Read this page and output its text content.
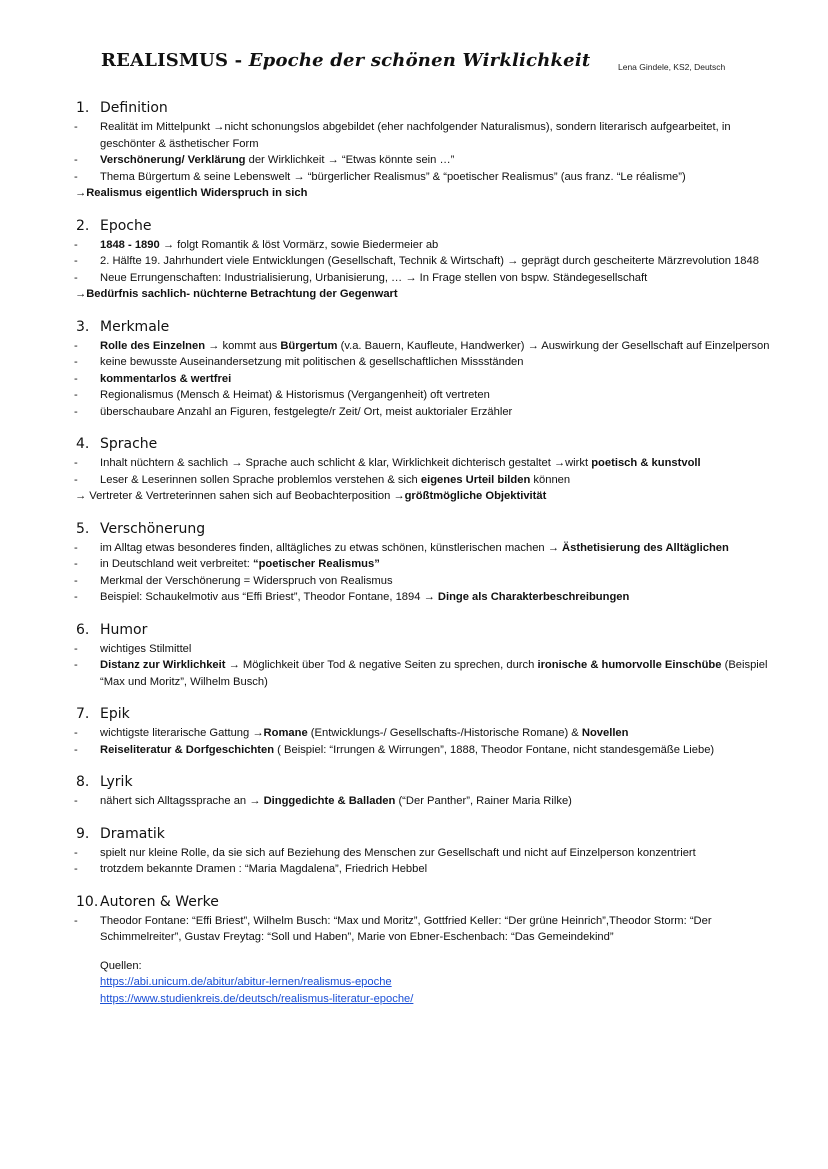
REALISMUS - Epoche der schönen Wirklichkeit	Lena Gindele, KS2, Deutsch
1. Definition
- Realität im Mittelpunkt →nicht schonungslos abgebildet (eher nachfolgender Naturalismus), sondern literarisch aufgearbeitet, in geschönter & ästhetischer Form
- Verschönerung/ Verklärung der Wirklichkeit → “Etwas könnte sein …”
- Thema Bürgertum & seine Lebenswelt → “bürgerlicher Realismus” & “poetischer Realismus” (aus franz. “Le réalisme”)
→Realismus eigentlich Widerspruch in sich
2. Epoche
- 1848 - 1890 → folgt Romantik & löst Vormärz, sowie Biedermeier ab
- 2. Hälfte 19. Jahrhundert viele Entwicklungen (Gesellschaft, Technik & Wirtschaft) → geprägt durch gescheiterte Märzrevolution 1848
- Neue Errungenschaften: Industrialisierung, Urbanisierung, … → In Frage stellen von bspw. Ständegesellschaft
→Bedürfnis sachlich- nüchterne Betrachtung der Gegenwart
3. Merkmale
- Rolle des Einzelnen → kommt aus Bürgertum (v.a. Bauern, Kaufleute, Handwerker) → Auswirkung der Gesellschaft auf Einzelperson
- keine bewusste Auseinandersetzung mit politischen & gesellschaftlichen Missständen
- kommentarlos & wertfrei
- Regionalismus (Mensch & Heimat) & Historismus (Vergangenheit) oft vertreten
- überschaubare Anzahl an Figuren, festgelegte/r Zeit/ Ort, meist auktorialer Erzähler
4. Sprache
- Inhalt nüchtern & sachlich → Sprache auch schlicht & klar, Wirklichkeit dichterisch gestaltet →wirkt poetisch & kunstvoll
- Leser & Leserinnen sollen Sprache problemlos verstehen & sich eigenes Urteil bilden können
→ Vertreter & Vertreterinnen sahen sich auf Beobachterposition →größtmögliche Objektivität
5. Verschönerung
- im Alltag etwas besonderes finden, alltägliches zu etwas schönen, künstlerischen machen → Ästhetisierung des Alltäglichen
- in Deutschland weit verbreitet: “poetischer Realismus”
- Merkmal der Verschönerung = Widerspruch von Realismus
- Beispiel: Schaukelmotiv aus “Effi Briest”, Theodor Fontane, 1894 → Dinge als Charakterbeschreibungen
6. Humor
- wichtiges Stilmittel
- Distanz zur Wirklichkeit → Möglichkeit über Tod & negative Seiten zu sprechen, durch ironische & humorvolle Einschübe (Beispiel “Max und Moritz”, Wilhelm Busch)
7. Epik
- wichtigste literarische Gattung →Romane (Entwicklungs-/ Gesellschafts-/Historische Romane) & Novellen
- Reiseliteratur & Dorfgeschichten ( Beispiel: “Irrungen & Wirrungen”, 1888, Theodor Fontane, nicht standesgemäße Liebe)
8. Lyrik
- nähert sich Alltagssprache an → Dinggedichte & Balladen (“Der Panther”, Rainer Maria Rilke)
9. Dramatik
- spielt nur kleine Rolle, da sie sich auf Beziehung des Menschen zur Gesellschaft und nicht auf Einzelperson konzentriert
- trotzdem bekannte Dramen : “Maria Magdalena”, Friedrich Hebbel
10. Autoren & Werke
- Theodor Fontane: “Effi Briest”, Wilhelm Busch: “Max und Moritz”, Gottfried Keller: “Der grüne Heinrich”,Theodor Storm: “Der Schimmelreiter”, Gustav Freytag: “Soll und Haben”, Marie von Ebner-Eschenbach: “Das Gemeindekind”
Quellen:
https://abi.unicum.de/abitur/abitur-lernen/realismus-epoche
https://www.studienkreis.de/deutsch/realismus-literatur-epoche/
